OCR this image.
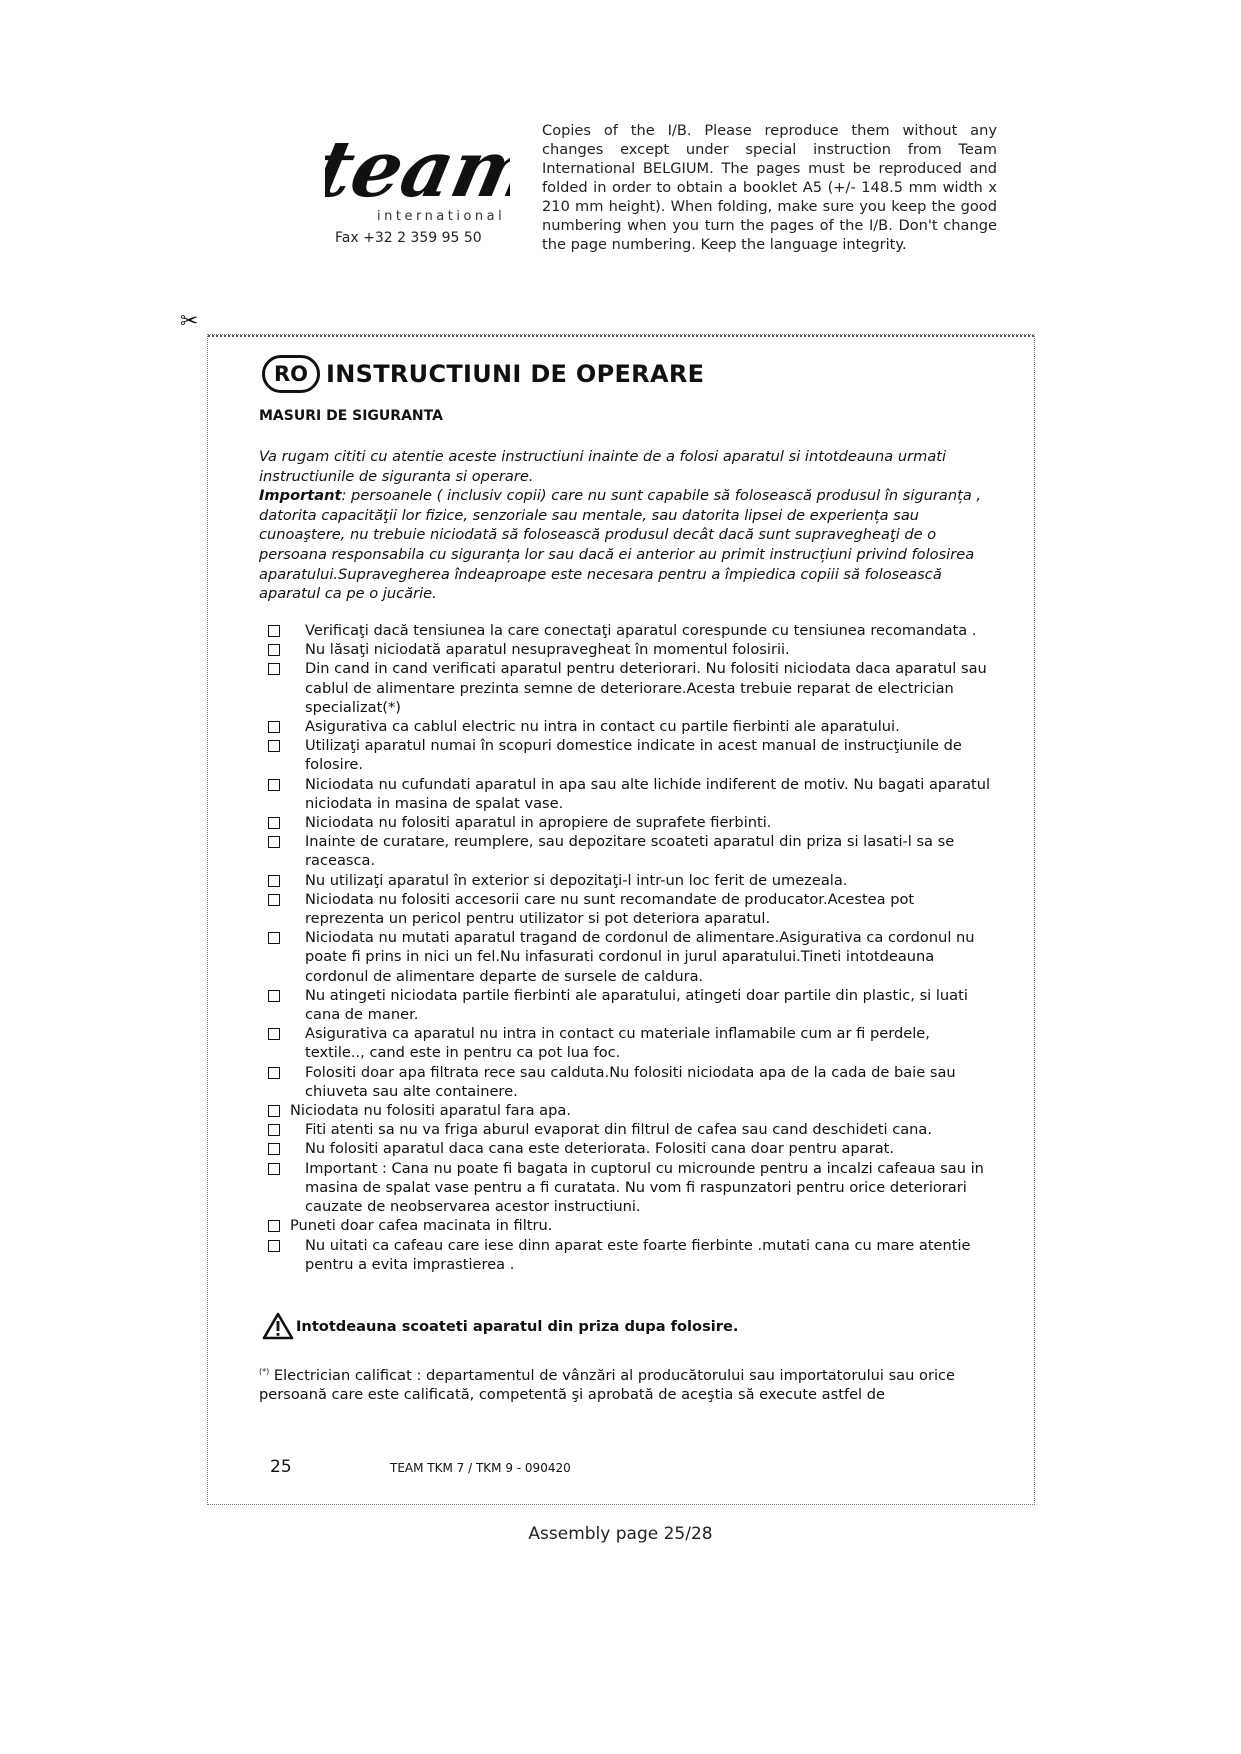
team
international
Fax +32 2 359 95 50
Copies of the I/B. Please reproduce them without any changes except under special instruction from Team International BELGIUM. The pages must be reproduced and folded in order to obtain a booklet A5 (+/- 148.5 mm width x 210 mm height). When folding, make sure you keep the good numbering when you turn the pages of the I/B. Don't change the page numbering. Keep the language integrity.
✂
RO INSTRUCTIUNI DE OPERARE
MASURI DE SIGURANTA
Va rugam cititi cu atentie aceste instructiuni inainte de a folosi aparatul si intotdeauna urmati instructiunile de siguranta si operare.
Important: persoanele ( inclusiv copii) care nu sunt capabile să folosească produsul în siguranța , datorita capacităţii lor fizice, senzoriale sau mentale, sau datorita lipsei de experiența sau cunoaştere, nu trebuie niciodată să folosească produsul decât dacă sunt supravegheaţi de o persoana responsabila cu siguranța lor sau dacă ei anterior au primit instrucțiuni privind folosirea aparatului.Supravegherea îndeaproape este necesara pentru a împiedica copiii să folosească aparatul ca pe o jucărie.
Verificaţi dacă tensiunea la care conectaţi aparatul corespunde cu tensiunea recomandata .
Nu lăsaţi niciodată aparatul nesupravegheat în momentul folosirii.
Din cand in cand verificati aparatul pentru deteriorari. Nu folositi niciodata daca aparatul sau cablul de alimentare prezinta semne de deteriorare.Acesta trebuie reparat de electrician specializat(*)
Asigurativa ca cablul electric nu intra in contact cu partile fierbinti ale aparatului.
Utilizaţi aparatul numai în scopuri domestice indicate in acest manual de instrucţiunile de folosire.
Niciodata nu cufundati aparatul in apa sau alte lichide indiferent de motiv. Nu bagati aparatul niciodata in masina de spalat vase.
Niciodata nu folositi aparatul in apropiere de suprafete fierbinti.
Inainte de curatare, reumplere, sau depozitare scoateti aparatul din priza si lasati-l sa se raceasca.
Nu utilizaţi aparatul în exterior si depozitaţi-l intr-un loc ferit de umezeala.
Niciodata nu folositi accesorii care nu sunt recomandate de producator.Acestea pot reprezenta un pericol pentru utilizator si pot deteriora aparatul.
Niciodata nu mutati aparatul tragand de cordonul de alimentare.Asigurativa ca cordonul nu poate fi prins in nici un fel.Nu infasurati cordonul in jurul aparatului.Tineti intotdeauna cordonul de alimentare departe de sursele de caldura.
Nu atingeti niciodata partile fierbinti ale aparatului, atingeti doar partile din plastic, si luati cana de maner.
Asigurativa ca aparatul nu intra in contact cu materiale inflamabile cum ar fi perdele, textile.., cand este in pentru ca pot lua foc.
Folositi doar apa filtrata rece sau calduta.Nu folositi niciodata apa de la cada de baie sau chiuveta sau alte containere.
Niciodata nu folositi aparatul fara apa.
Fiti atenti sa nu va friga aburul evaporat din filtrul de cafea sau cand deschideti cana.
Nu folositi aparatul daca cana este deteriorata. Folositi cana doar pentru aparat.
Important : Cana nu poate fi bagata in cuptorul cu microunde pentru a incalzi cafeaua sau in masina de spalat vase pentru a fi curatata. Nu vom fi raspunzatori pentru orice deteriorari cauzate de neobservarea acestor instructiuni.
Puneti doar cafea macinata in filtru.
Nu uitati ca cafeau care iese dinn aparat este foarte fierbinte .mutati cana cu mare atentie pentru a evita imprastierea .
Intotdeauna scoateti aparatul din priza dupa folosire.
(*) Electrician calificat : departamentul de vânzări al producătorului sau importatorului sau orice persoană care este calificată, competentă şi aprobată de aceştia să execute astfel de
25	TEAM TKM 7 / TKM 9 - 090420
Assembly page 25/28
